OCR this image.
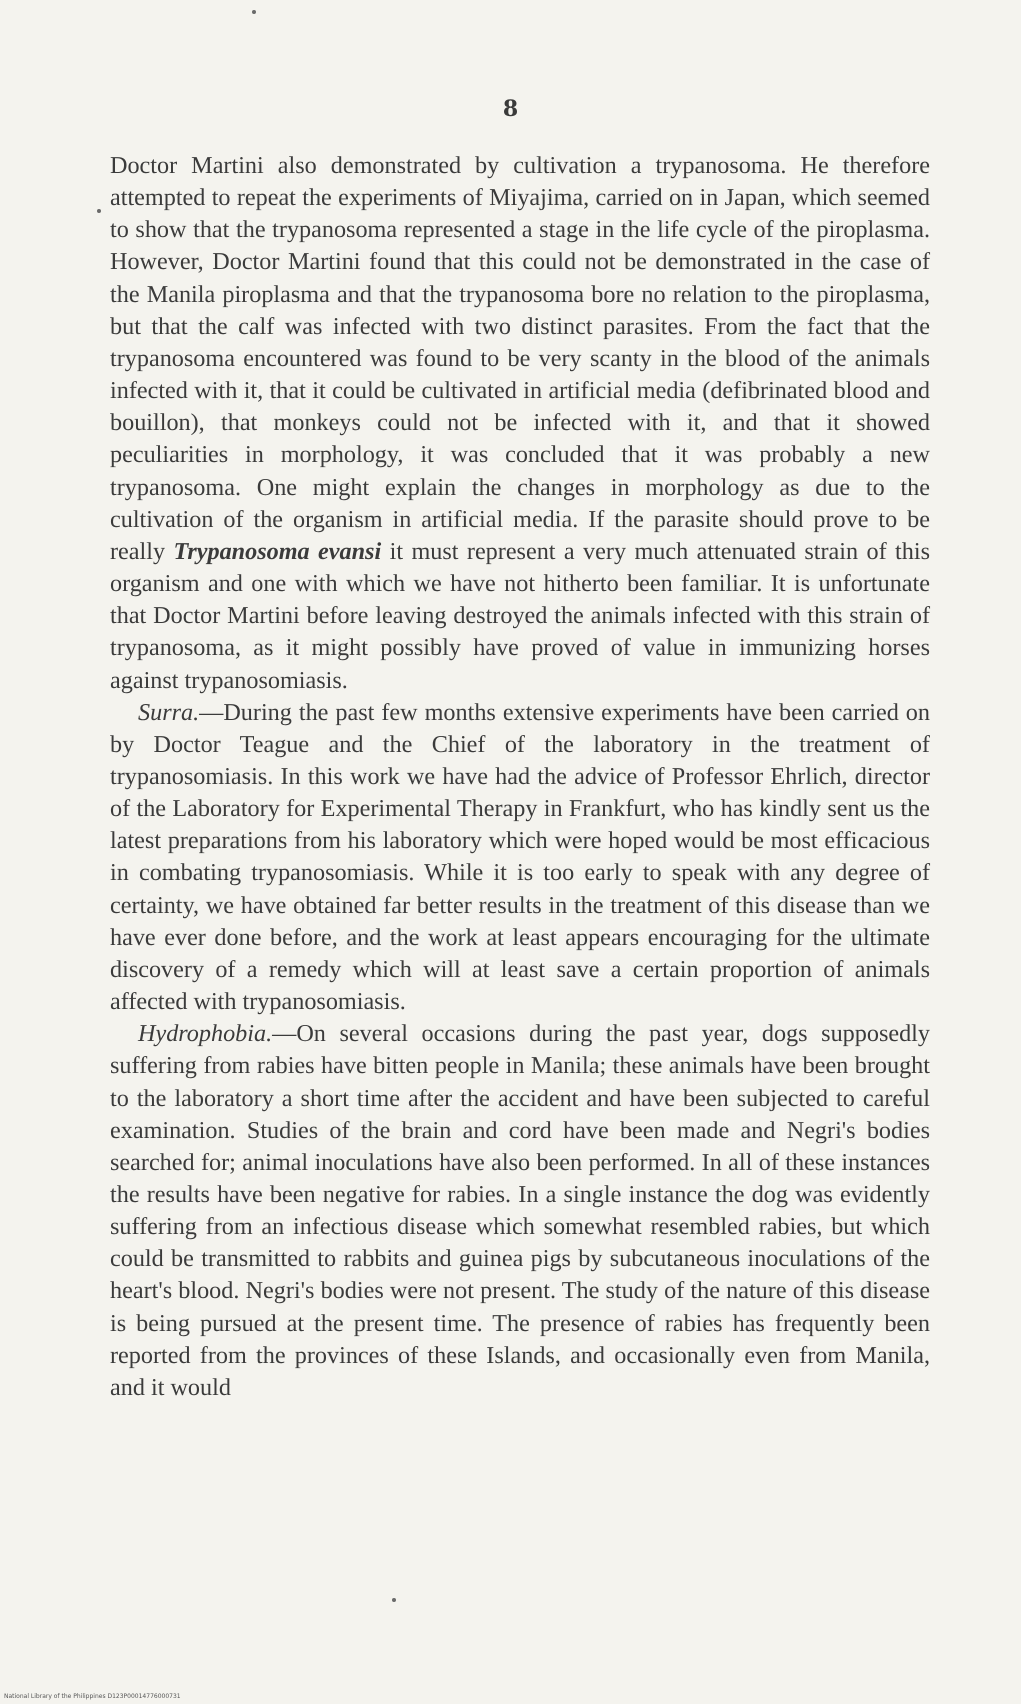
8

Doctor Martini also demonstrated by cultivation a trypanosoma. He therefore attempted to repeat the experiments of Miyajima, carried on in Japan, which seemed to show that the trypanosoma represented a stage in the life cycle of the piroplasma. However, Doctor Martini found that this could not be demonstrated in the case of the Manila piroplasma and that the trypanosoma bore no relation to the piroplasma, but that the calf was infected with two distinct parasites. From the fact that the trypanosoma encountered was found to be very scanty in the blood of the animals infected with it, that it could be cultivated in artificial media (defibrinated blood and bouillon), that monkeys could not be infected with it, and that it showed peculiarities in morphology, it was concluded that it was probably a new trypanosoma. One might explain the changes in morphology as due to the cultivation of the organism in artificial media. If the parasite should prove to be really Trypanosoma evansi it must represent a very much attenuated strain of this organism and one with which we have not hitherto been familiar. It is unfortunate that Doctor Martini before leaving destroyed the animals infected with this strain of trypanosoma, as it might possibly have proved of value in immunizing horses against trypanosomiasis.

Surra.—During the past few months extensive experiments have been carried on by Doctor Teague and the Chief of the laboratory in the treatment of trypanosomiasis. In this work we have had the advice of Professor Ehrlich, director of the Laboratory for Experimental Therapy in Frankfurt, who has kindly sent us the latest preparations from his laboratory which were hoped would be most efficacious in combating trypanosomiasis. While it is too early to speak with any degree of certainty, we have obtained far better results in the treatment of this disease than we have ever done before, and the work at least appears encouraging for the ultimate discovery of a remedy which will at least save a certain proportion of animals affected with trypanosomiasis.

Hydrophobia.—On several occasions during the past year, dogs supposedly suffering from rabies have bitten people in Manila; these animals have been brought to the laboratory a short time after the accident and have been subjected to careful examination. Studies of the brain and cord have been made and Negri's bodies searched for; animal inoculations have also been performed. In all of these instances the results have been negative for rabies. In a single instance the dog was evidently suffering from an infectious disease which somewhat resembled rabies, but which could be transmitted to rabbits and guinea pigs by subcutaneous inoculations of the heart's blood. Negri's bodies were not present. The study of the nature of this disease is being pursued at the present time. The presence of rabies has frequently been reported from the provinces of these Islands, and occasionally even from Manila, and it would

National Library of the Philippines D123P00014776000731
